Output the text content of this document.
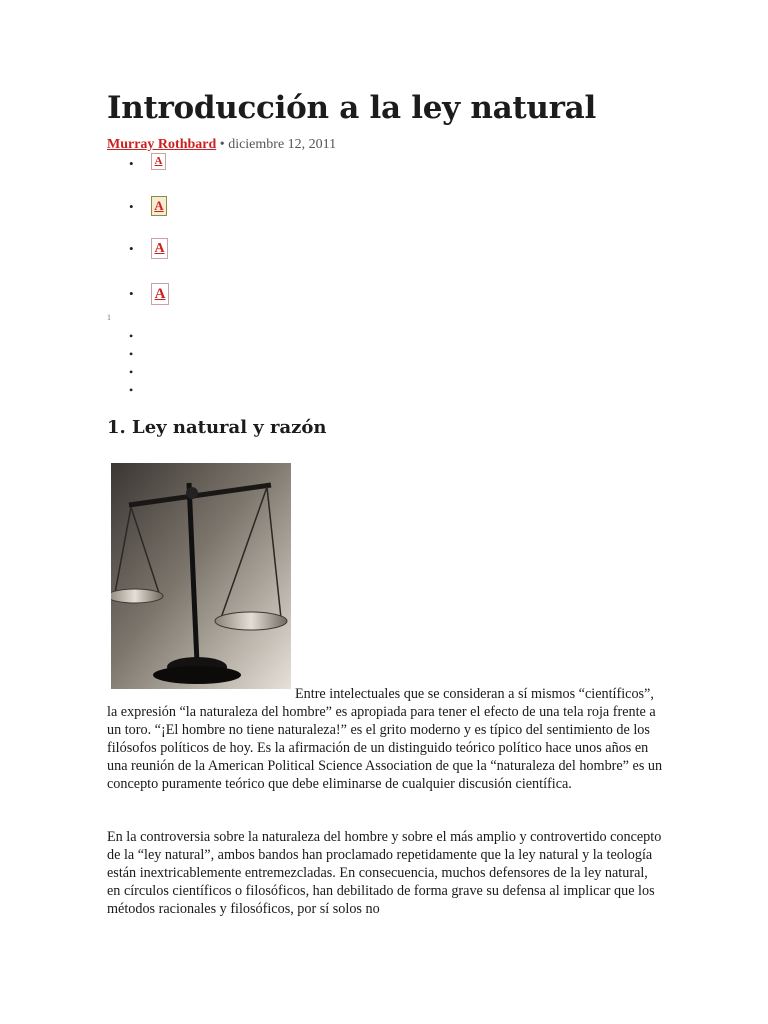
Introducción a la ley natural
Murray Rothbard • diciembre 12, 2011
•	A
• A
• A
• A
1
•
•
•
•
1. Ley natural y razón

Entre intelectuales que se consideran a sí mismos “científicos”, la expresión “la naturaleza del hombre” es apropiada para tener el efecto de una tela roja frente a un toro. “¡El hombre no tiene naturaleza!” es el grito moderno y es típico del sentimiento de los filósofos políticos de hoy. Es la afirmación de un distinguido teórico político hace unos años en una reunión de la American Political Science Association de que la “naturaleza del hombre” es un concepto puramente teórico que debe eliminarse de cualquier discusión científica.

En la controversia sobre la naturaleza del hombre y sobre el más amplio y controvertido concepto de la “ley natural”, ambos bandos han proclamado repetidamente que la ley natural y la teología están inextricablemente entremezcladas. En consecuencia, muchos defensores de la ley natural, en círculos científicos o filosóficos, han debilitado de forma grave su defensa al implicar que los métodos racionales y filosóficos, por sí solos no
